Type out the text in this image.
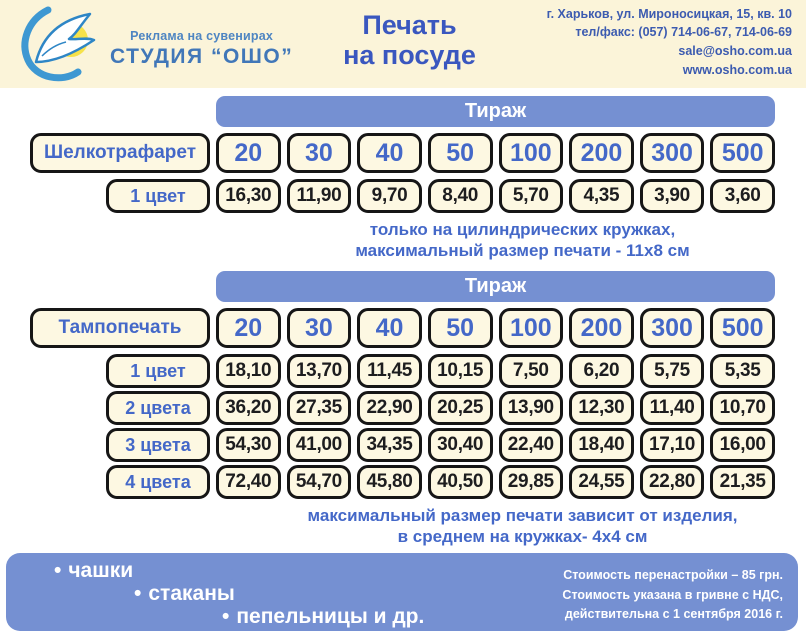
Реклама на сувенирах
СТУДИЯ “ОШО”
Печать
на посуде
г. Харьков, ул. Мироносицкая, 15, кв. 10
тел/факс: (057) 714-06-67, 714-06-69
sale@osho.com.ua
www.osho.com.ua
Тираж
Шелкотрафарет	20	30	40	50	100	200	300	500
1 цвет	16,30	11,90	9,70	8,40	5,70	4,35	3,90	3,60
только на цилиндрических кружках,
максимальный размер печати - 11х8 см
Тираж
Тампопечать	20	30	40	50	100	200	300	500
1 цвет	18,10	13,70	11,45	10,15	7,50	6,20	5,75	5,35
2 цвета	36,20	27,35	22,90	20,25	13,90	12,30	11,40	10,70
3 цвета	54,30	41,00	34,35	30,40	22,40	18,40	17,10	16,00
4 цвета	72,40	54,70	45,80	40,50	29,85	24,55	22,80	21,35
максимальный размер печати зависит от изделия,
в среднем на кружках- 4х4 см
• чашки
• стаканы
• пепельницы и др.
Стоимость перенастройки – 85 грн.
Стоимость указана в гривне с НДС,
действительна с 1 сентября 2016 г.
